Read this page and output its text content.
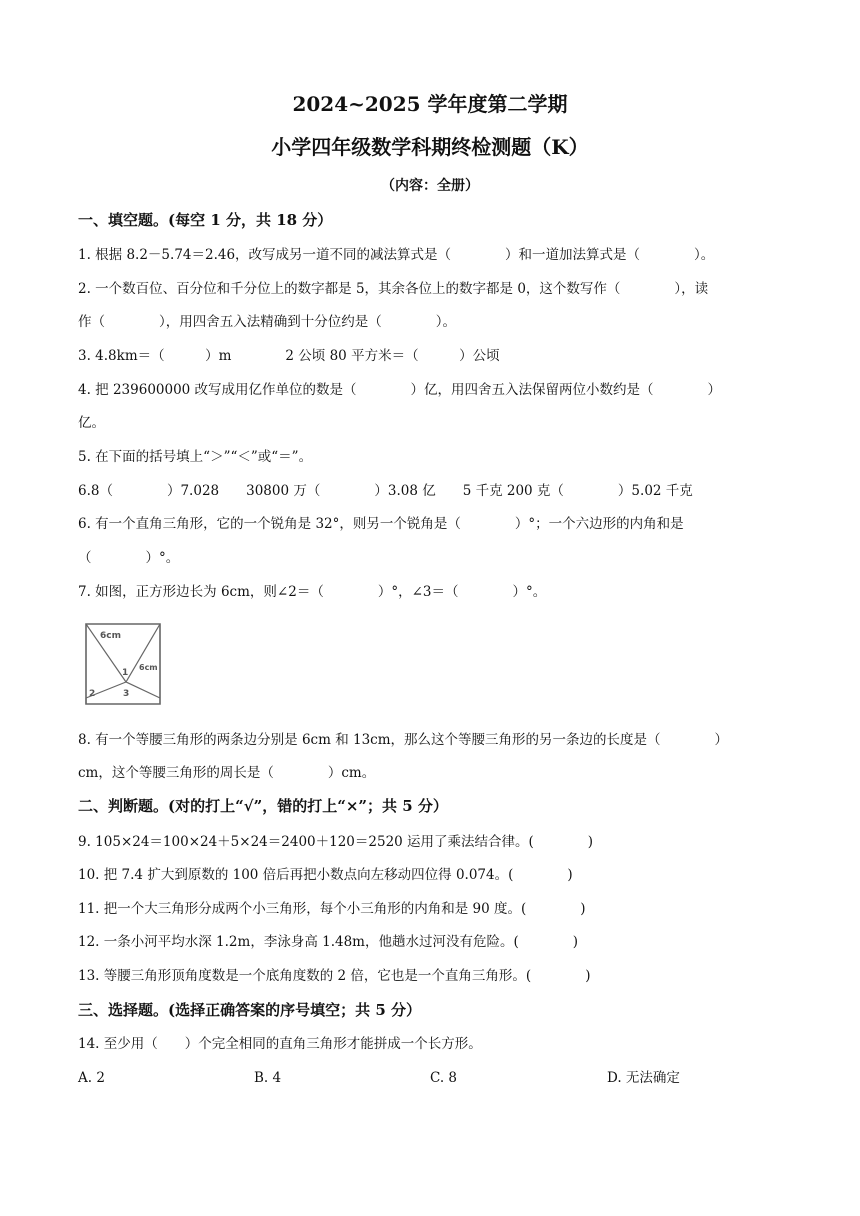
2024~2025 学年度第二学期
小学四年级数学科期终检测题（K）
（内容：全册）
一、填空题。(每空 1 分，共 18 分）
1. 根据 8.2－5.74＝2.46，改写成另一道不同的减法算式是（　　　　）和一道加法算式是（　　　　）。
2. 一个数百位、百分位和千分位上的数字都是 5，其余各位上的数字都是 0，这个数写作（　　　　），读
作（　　　　），用四舍五入法精确到十分位约是（　　　　）。
3. 4.8km＝（　　　）m　　　　2 公顷 80 平方米＝（　　　）公顷
4. 把 239600000 改写成用亿作单位的数是（　　　　）亿，用四舍五入法保留两位小数约是（　　　　）
亿。
5. 在下面的括号填上“＞”“＜”或“＝”。
6.8（　　　　）7.028　　30800 万（　　　　）3.08 亿　　5 千克 200 克（　　　　）5.02 千克
6. 有一个直角三角形，它的一个锐角是 32°，则另一个锐角是（　　　　）°；一个六边形的内角和是
（　　　　）°。
7. 如图，正方形边长为 6cm，则∠2＝（　　　　）°，∠3＝（　　　　）°。
6cm
6cm
1
2	3
8. 有一个等腰三角形的两条边分别是 6cm 和 13cm，那么这个等腰三角形的另一条边的长度是（　　　　）
cm，这个等腰三角形的周长是（　　　　）cm。
二、判断题。(对的打上“√”，错的打上“×”；共 5 分）
9. 105×24＝100×24＋5×24＝2400＋120＝2520 运用了乘法结合律。(　　　　)
10. 把 7.4 扩大到原数的 100 倍后再把小数点向左移动四位得 0.074。(　　　　)
11. 把一个大三角形分成两个小三角形，每个小三角形的内角和是 90 度。(　　　　)
12. 一条小河平均水深 1.2m，李泳身高 1.48m，他趟水过河没有危险。(　　　　)
13. 等腰三角形顶角度数是一个底角度数的 2 倍，它也是一个直角三角形。(　　　　)
三、选择题。(选择正确答案的序号填空；共 5 分）
14. 至少用（　　）个完全相同的直角三角形才能拼成一个长方形。
A. 2	B. 4	C. 8	D. 无法确定
